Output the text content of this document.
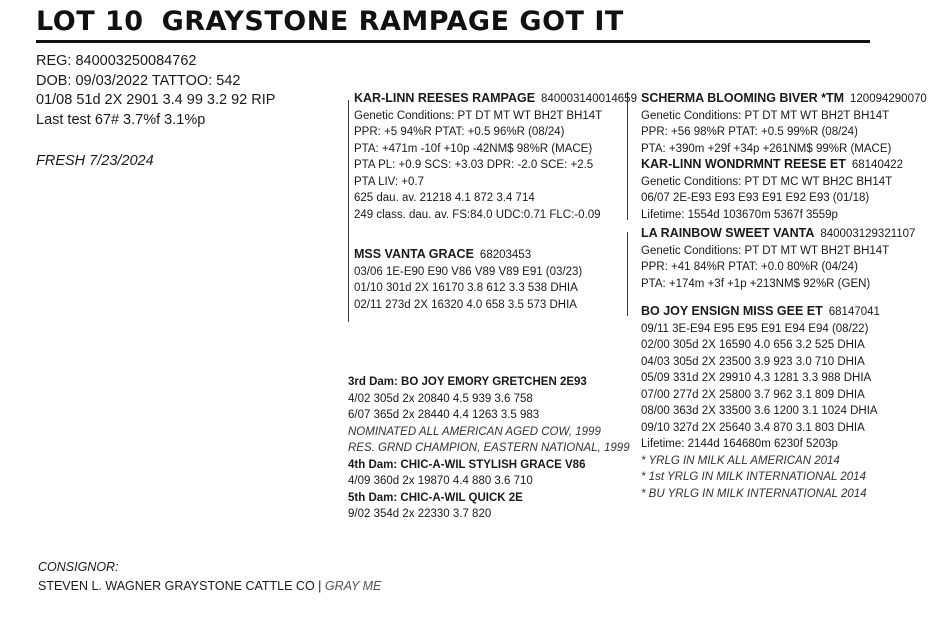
LOT 10 GRAYSTONE RAMPAGE GOT IT
REG: 840003250084762
DOB: 09/03/2022 TATTOO: 542
01/08 51d 2X 2901 3.4 99 3.2 92 RIP
Last test 67# 3.7%f 3.1%p
FRESH 7/23/2024
KAR-LINN REESES RAMPAGE 840003140014659
Genetic Conditions: PT DT MT WT BH2T BH14T
PPR: +5 94%R PTAT: +0.5 96%R (08/24)
PTA: +471m -10f +10p -42NM$ 98%R (MACE)
PTA PL: +0.9 SCS: +3.03 DPR: -2.0 SCE: +2.5
PTA LIV: +0.7
625 dau. av. 21218 4.1 872 3.4 714
249 class. dau. av. FS:84.0 UDC:0.71 FLC:-0.09
MSS VANTA GRACE 68203453
03/06 1E-E90 E90 V86 V89 V89 E91 (03/23)
01/10 301d 2X 16170 3.8 612 3.3 538 DHIA
02/11 273d 2X 16320 4.0 658 3.5 573 DHIA
SCHERMA BLOOMING BIVER *TM 120094290070
Genetic Conditions: PT DT MT WT BH2T BH14T
PPR: +56 98%R PTAT: +0.5 99%R (08/24)
PTA: +390m +29f +34p +261NM$ 99%R (MACE)
KAR-LINN WONDRMNT REESE ET 68140422
Genetic Conditions: PT DT MC WT BH2C BH14T
06/07 2E-E93 E93 E93 E91 E92 E93 (01/18)
Lifetime: 1554d 103670m 5367f 3559p
LA RAINBOW SWEET VANTA 840003129321107
Genetic Conditions: PT DT MT WT BH2T BH14T
PPR: +41 84%R PTAT: +0.0 80%R (04/24)
PTA: +174m +3f +1p +213NM$ 92%R (GEN)
BO JOY ENSIGN MISS GEE ET 68147041
09/11 3E-E94 E95 E95 E91 E94 E94 (08/22)
02/00 305d 2X 16590 4.0 656 3.2 525 DHIA
04/03 305d 2X 23500 3.9 923 3.0 710 DHIA
05/09 331d 2X 29910 4.3 1281 3.3 988 DHIA
07/00 277d 2X 25800 3.7 962 3.1 809 DHIA
08/00 363d 2X 33500 3.6 1200 3.1 1024 DHIA
09/10 327d 2X 25640 3.4 870 3.1 803 DHIA
Lifetime: 2144d 164680m 6230f 5203p
* YRLG IN MILK ALL AMERICAN 2014
* 1st YRLG IN MILK INTERNATIONAL 2014
* BU YRLG IN MILK INTERNATIONAL 2014
3rd Dam: BO JOY EMORY GRETCHEN 2E93
4/02 305d 2x 20840 4.5 939 3.6 758
6/07 365d 2x 28440 4.4 1263 3.5 983
NOMINATED ALL AMERICAN AGED COW, 1999
RES. GRND CHAMPION, EASTERN NATIONAL, 1999
4th Dam: CHIC-A-WIL STYLISH GRACE V86
4/09 360d 2x 19870 4.4 880 3.6 710
5th Dam: CHIC-A-WIL QUICK 2E
9/02 354d 2x 22330 3.7 820
CONSIGNOR:
STEVEN L. WAGNER GRAYSTONE CATTLE CO | GRAY ME
